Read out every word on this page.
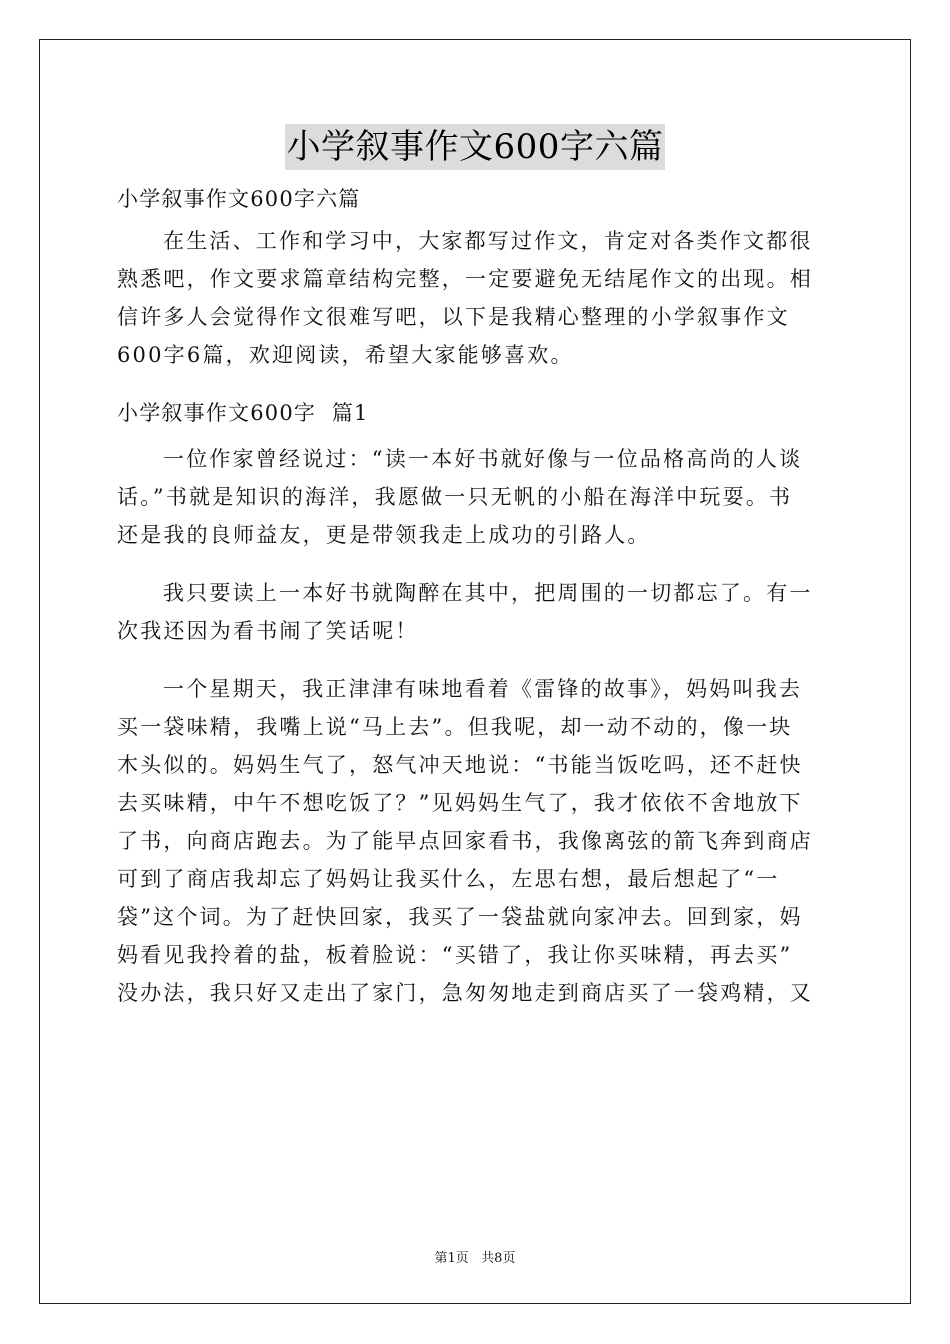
小学叙事作文600字六篇

小学叙事作文600字六篇

在生活、工作和学习中，大家都写过作文，肯定对各类作文都很
熟悉吧，作文要求篇章结构完整，一定要避免无结尾作文的出现。相
信许多人会觉得作文很难写吧，以下是我精心整理的小学叙事作文
600字6篇，欢迎阅读，希望大家能够喜欢。

小学叙事作文600字  篇1

一位作家曾经说过：“读一本好书就好像与一位品格高尚的人谈
话。”书就是知识的海洋，我愿做一只无帆的小船在海洋中玩耍。书
还是我的良师益友，更是带领我走上成功的引路人。
我只要读上一本好书就陶醉在其中，把周围的一切都忘了。有一
次我还因为看书闹了笑话呢！
一个星期天，我正津津有味地看着《雷锋的故事》，妈妈叫我去
买一袋味精，我嘴上说“马上去”。但我呢，却一动不动的，像一块
木头似的。妈妈生气了，怒气冲天地说：“书能当饭吃吗，还不赶快
去买味精，中午不想吃饭了？”见妈妈生气了，我才依依不舍地放下
了书，向商店跑去。为了能早点回家看书，我像离弦的箭飞奔到商店
可到了商店我却忘了妈妈让我买什么，左思右想，最后想起了“一
袋”这个词。为了赶快回家，我买了一袋盐就向家冲去。回到家，妈
妈看见我拎着的盐，板着脸说：“买错了，我让你买味精，再去买”
没办法，我只好又走出了家门，急匆匆地走到商店买了一袋鸡精，又
第1页   共8页
